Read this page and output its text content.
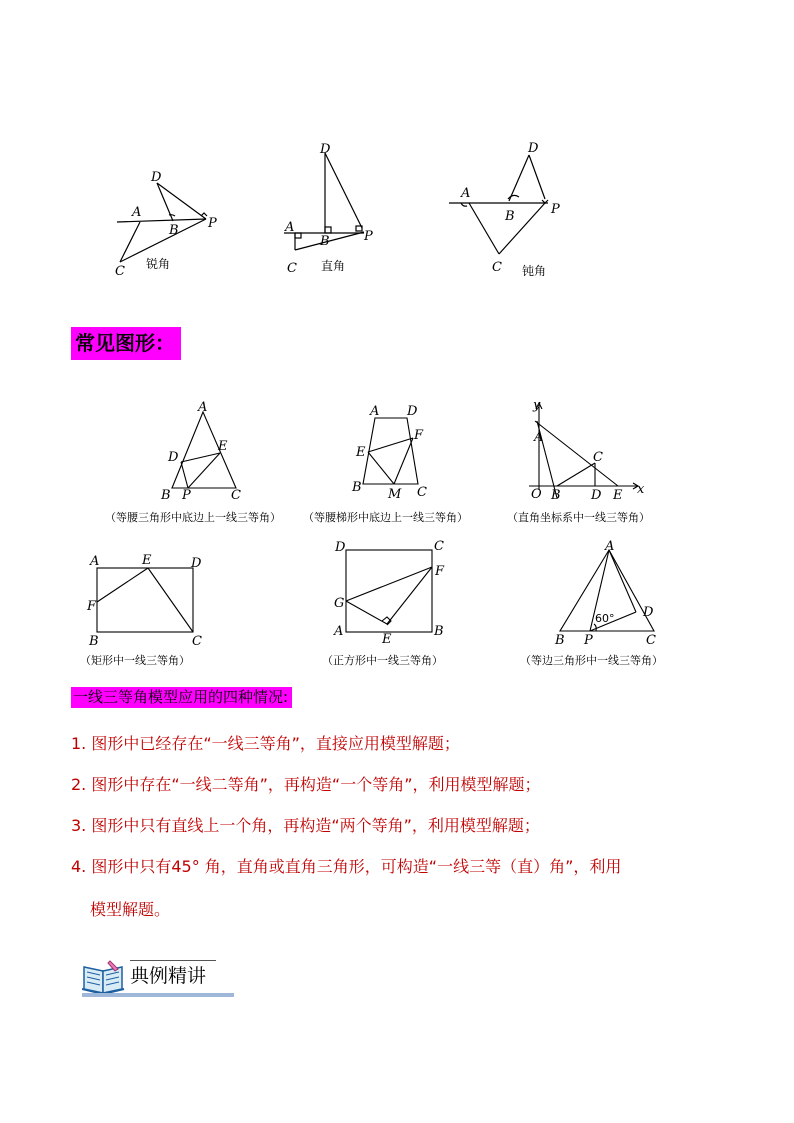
D
A
B P
C 锐角
D
A
B	P
C 直角
D
A
B	P
C 钝角
常见图形：
A
D
E
B P	C
（等腰三角形中底边上一线三等角）
A D
E
F
B M C
（等腰梯形中底边上一线三等角）
y
A
C
O B D E x
（直角坐标系中一线三等角）
A	E	D
F
B	C
（矩形中一线三等角）
D	C
F
G
A
E
B
（正方形中一线三等角）
A
D
60°
B P	C
（等边三角形中一线三等角）
一线三等角模型应用的四种情况:
1. 图形中已经存在“一线三等角”，直接应用模型解题；
2. 图形中存在“一线二等角”，再构造“一个等角”，利用模型解题；
3. 图形中只有直线上一个角，再构造“两个等角”，利用模型解题；
4. 图形中只有45° 角，直角或直角三角形，可构造“一线三等（直）角”，利用
模型解题。
典例精讲
